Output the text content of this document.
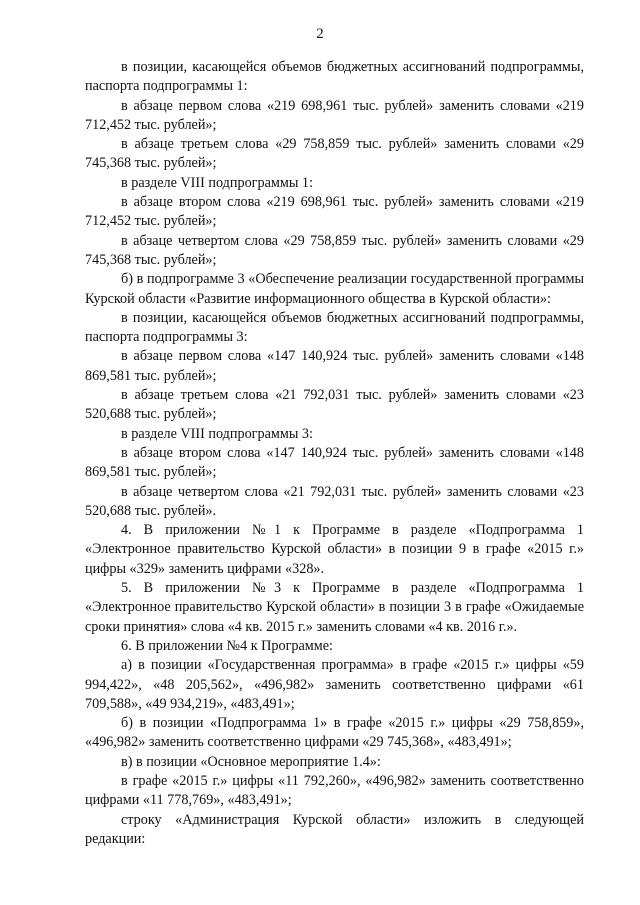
2

в позиции, касающейся объемов бюджетных ассигнований подпрограммы, паспорта подпрограммы 1:

в абзаце первом слова «219 698,961 тыс. рублей» заменить словами «219 712,452 тыс. рублей»;

в абзаце третьем слова «29 758,859 тыс. рублей» заменить словами «29 745,368 тыс. рублей»;

в разделе VIII подпрограммы 1:

в абзаце втором слова «219 698,961 тыс. рублей» заменить словами «219 712,452 тыс. рублей»;

в абзаце четвертом слова «29 758,859 тыс. рублей» заменить словами «29 745,368 тыс. рублей»;

б) в подпрограмме 3 «Обеспечение реализации государственной программы Курской области «Развитие информационного общества в Курской области»:

в позиции, касающейся объемов бюджетных ассигнований подпрограммы, паспорта подпрограммы 3:

в абзаце первом слова «147 140,924 тыс. рублей» заменить словами «148 869,581 тыс. рублей»;

в абзаце третьем слова «21 792,031 тыс. рублей» заменить словами «23 520,688 тыс. рублей»;

в разделе VIII подпрограммы 3:

в абзаце втором слова «147 140,924 тыс. рублей» заменить словами «148 869,581 тыс. рублей»;

в абзаце четвертом слова «21 792,031 тыс. рублей» заменить словами «23 520,688 тыс. рублей».

4. В приложении №1 к Программе в разделе «Подпрограмма 1 «Электронное правительство Курской области» в позиции 9 в графе «2015 г.» цифры «329» заменить цифрами «328».

5. В приложении №3 к Программе в разделе «Подпрограмма 1 «Электронное правительство Курской области» в позиции 3 в графе «Ожидаемые сроки принятия» слова «4 кв. 2015 г.» заменить словами «4 кв. 2016 г.».

6. В приложении №4 к Программе:

а) в позиции «Государственная программа» в графе «2015 г.» цифры «59 994,422», «48 205,562», «496,982» заменить соответственно цифрами «61 709,588», «49 934,219», «483,491»;

б) в позиции «Подпрограмма 1» в графе «2015 г.» цифры «29 758,859», «496,982» заменить соответственно цифрами «29 745,368», «483,491»;

в) в позиции «Основное мероприятие 1.4»:

в графе «2015 г.» цифры «11 792,260», «496,982» заменить соответственно цифрами «11 778,769», «483,491»;

строку «Администрация Курской области» изложить в следующей редакции:
